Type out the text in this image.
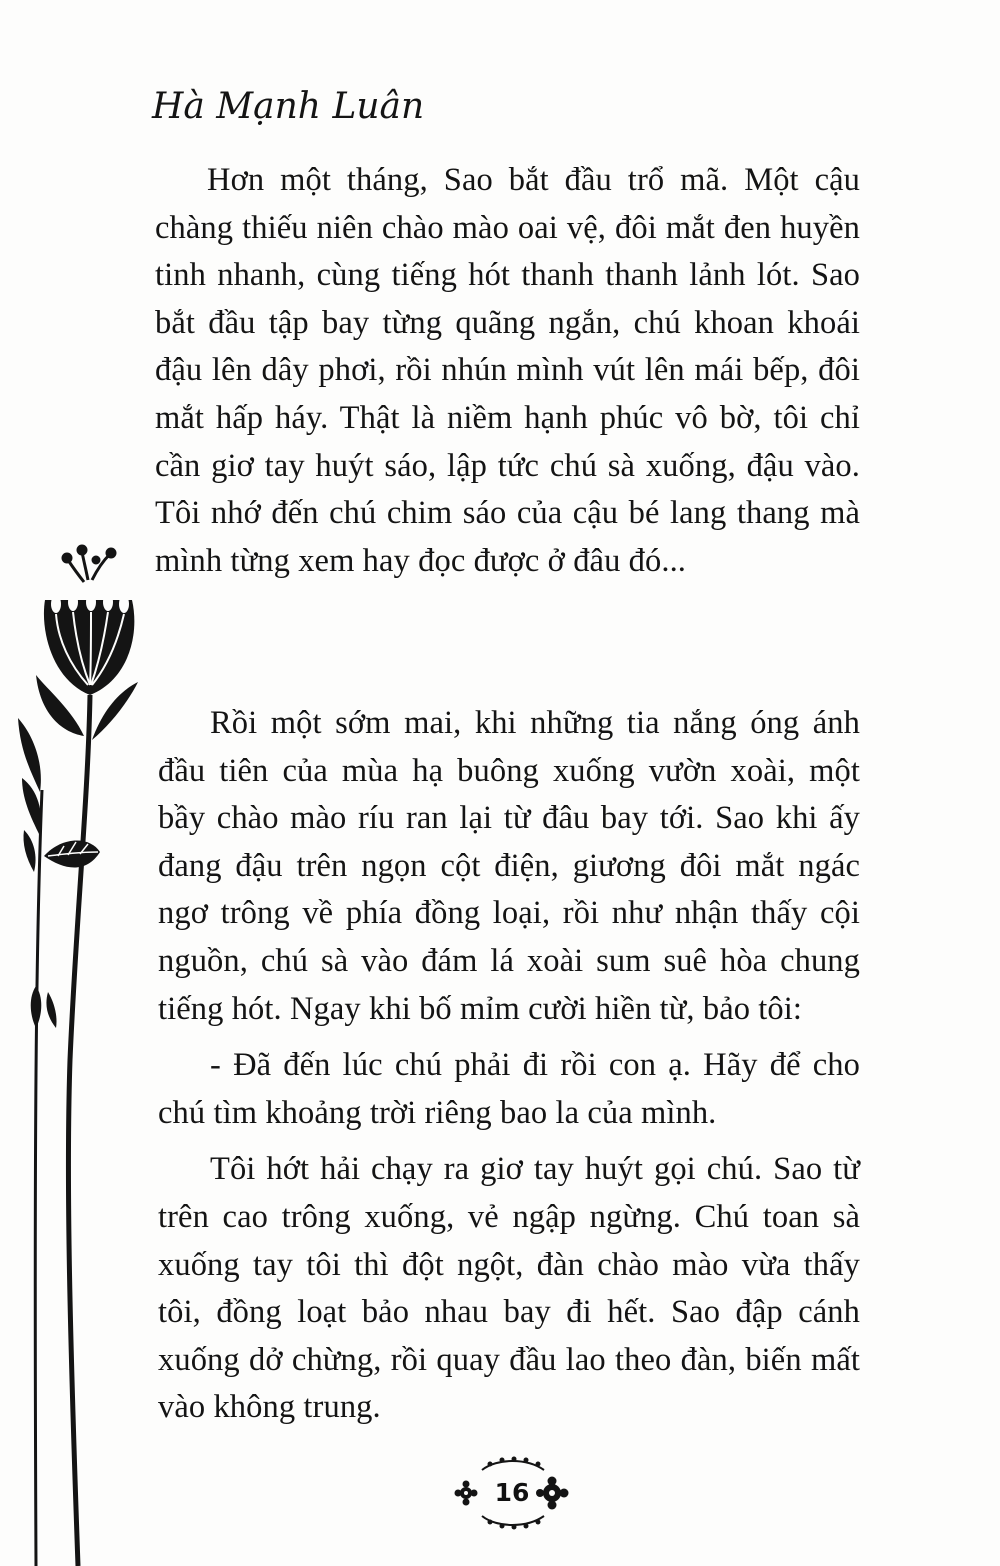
Hà Mạnh Luân

Hơn một tháng, Sao bắt đầu trổ mã. Một cậu chàng thiếu niên chào mào oai vệ, đôi mắt đen huyền tinh nhanh, cùng tiếng hót thanh thanh lảnh lót. Sao bắt đầu tập bay từng quãng ngắn, chú khoan khoái đậu lên dây phơi, rồi nhún mình vút lên mái bếp, đôi mắt hấp háy. Thật là niềm hạnh phúc vô bờ, tôi chỉ cần giơ tay huýt sáo, lập tức chú sà xuống, đậu vào. Tôi nhớ đến chú chim sáo của cậu bé lang thang mà mình từng xem hay đọc được ở đâu đó...

Rồi một sớm mai, khi những tia nắng óng ánh đầu tiên của mùa hạ buông xuống vườn xoài, một bầy chào mào ríu ran lại từ đâu bay tới. Sao khi ấy đang đậu trên ngọn cột điện, giương đôi mắt ngác ngơ trông về phía đồng loại, rồi như nhận thấy cội nguồn, chú sà vào đám lá xoài sum suê hòa chung tiếng hót. Ngay khi bố mỉm cười hiền từ, bảo tôi:

- Đã đến lúc chú phải đi rồi con ạ. Hãy để cho chú tìm khoảng trời riêng bao la của mình.

Tôi hớt hải chạy ra giơ tay huýt gọi chú. Sao từ trên cao trông xuống, vẻ ngập ngừng. Chú toan sà xuống tay tôi thì đột ngột, đàn chào mào vừa thấy tôi, đồng loạt bảo nhau bay đi hết. Sao đập cánh xuống dở chừng, rồi quay đầu lao theo đàn, biến mất vào không trung.

16
